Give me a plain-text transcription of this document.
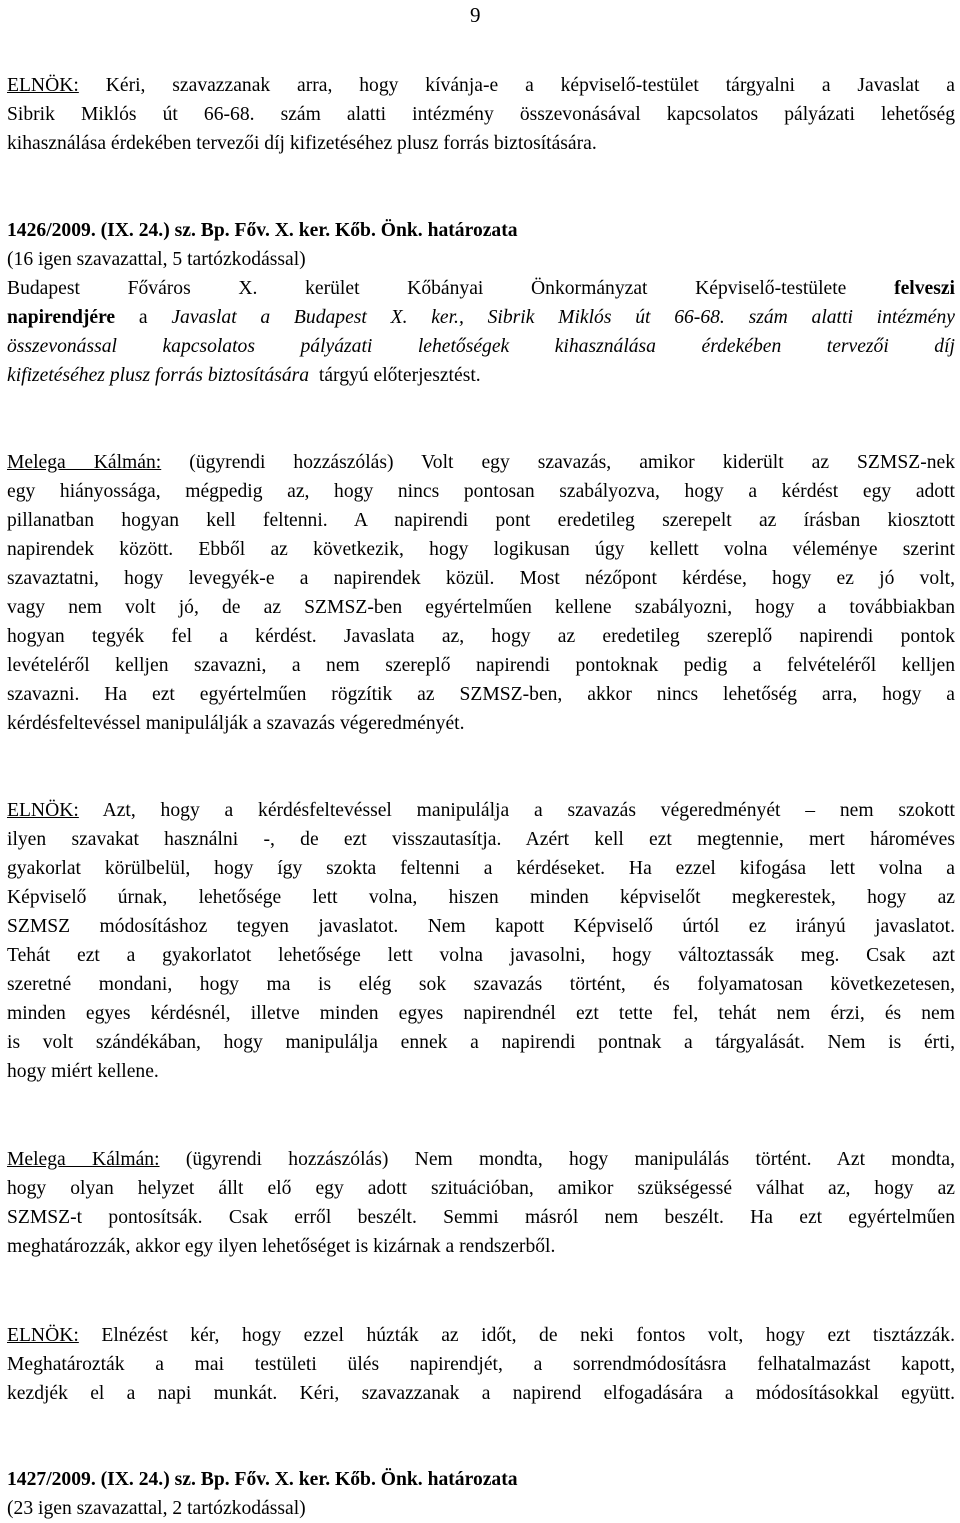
9
ELNÖK: Kéri, szavazzanak arra, hogy kívánja-e a képviselő-testület tárgyalni a Javaslat a
Sibrik Miklós út 66-68. szám alatti intézmény összevonásával kapcsolatos pályázati lehetőség
kihasználása érdekében tervezői díj kifizetéséhez plusz forrás biztosítására.
1426/2009. (IX. 24.) sz. Bp. Főv. X. ker. Kőb. Önk. határozata
(16 igen szavazattal, 5 tartózkodással)
Budapest Főváros X. kerület Kőbányai Önkormányzat Képviselő-testülete felveszi
napirendjére a Javaslat a Budapest X. ker., Sibrik Miklós út 66-68. szám alatti intézmény
összevonással kapcsolatos pályázati lehetőségek kihasználása érdekében tervezői díj
kifizetéséhez plusz forrás biztosítására tárgyú előterjesztést.
Melega Kálmán: (ügyrendi hozzászólás) Volt egy szavazás, amikor kiderült az SZMSZ-nek
egy hiányossága, mégpedig az, hogy nincs pontosan szabályozva, hogy a kérdést egy adott
pillanatban hogyan kell feltenni. A napirendi pont eredetileg szerepelt az írásban kiosztott
napirendek között. Ebből az következik, hogy logikusan úgy kellett volna véleménye szerint
szavaztatni, hogy levegyék-e a napirendek közül. Most nézőpont kérdése, hogy ez jó volt,
vagy nem volt jó, de az SZMSZ-ben egyértelműen kellene szabályozni, hogy a továbbiakban
hogyan tegyék fel a kérdést. Javaslata az, hogy az eredetileg szereplő napirendi pontok
levételéről kelljen szavazni, a nem szereplő napirendi pontoknak pedig a felvételéről kelljen
szavazni. Ha ezt egyértelműen rögzítik az SZMSZ-ben, akkor nincs lehetőség arra, hogy a
kérdésfeltevéssel manipulálják a szavazás végeredményét.
ELNÖK: Azt, hogy a kérdésfeltevéssel manipulálja a szavazás végeredményét – nem szokott
ilyen szavakat használni -, de ezt visszautasítja. Azért kell ezt megtennie, mert hároméves
gyakorlat körülbelül, hogy így szokta feltenni a kérdéseket. Ha ezzel kifogása lett volna a
Képviselő úrnak, lehetősége lett volna, hiszen minden képviselőt megkerestek, hogy az
SZMSZ módosításhoz tegyen javaslatot. Nem kapott Képviselő úrtól ez irányú javaslatot.
Tehát ezt a gyakorlatot lehetősége lett volna javasolni, hogy változtassák meg. Csak azt
szeretné mondani, hogy ma is elég sok szavazás történt, és folyamatosan következetesen,
minden egyes kérdésnél, illetve minden egyes napirendnél ezt tette fel, tehát nem érzi, és nem
is volt szándékában, hogy manipulálja ennek a napirendi pontnak a tárgyalását. Nem is érti,
hogy miért kellene.
Melega Kálmán: (ügyrendi hozzászólás) Nem mondta, hogy manipulálás történt. Azt mondta,
hogy olyan helyzet állt elő egy adott szituációban, amikor szükségessé válhat az, hogy az
SZMSZ-t pontosítsák. Csak erről beszélt. Semmi másról nem beszélt. Ha ezt egyértelműen
meghatározzák, akkor egy ilyen lehetőséget is kizárnak a rendszerből.
ELNÖK: Elnézést kér, hogy ezzel húzták az időt, de neki fontos volt, hogy ezt tisztázzák.
Meghatározták a mai testületi ülés napirendjét, a sorrendmódosításra felhatalmazást kapott,
kezdjék el a napi munkát. Kéri, szavazzanak a napirend elfogadására a módosításokkal együtt.
1427/2009. (IX. 24.) sz. Bp. Főv. X. ker. Kőb. Önk. határozata
(23 igen szavazattal, 2 tartózkodással)
